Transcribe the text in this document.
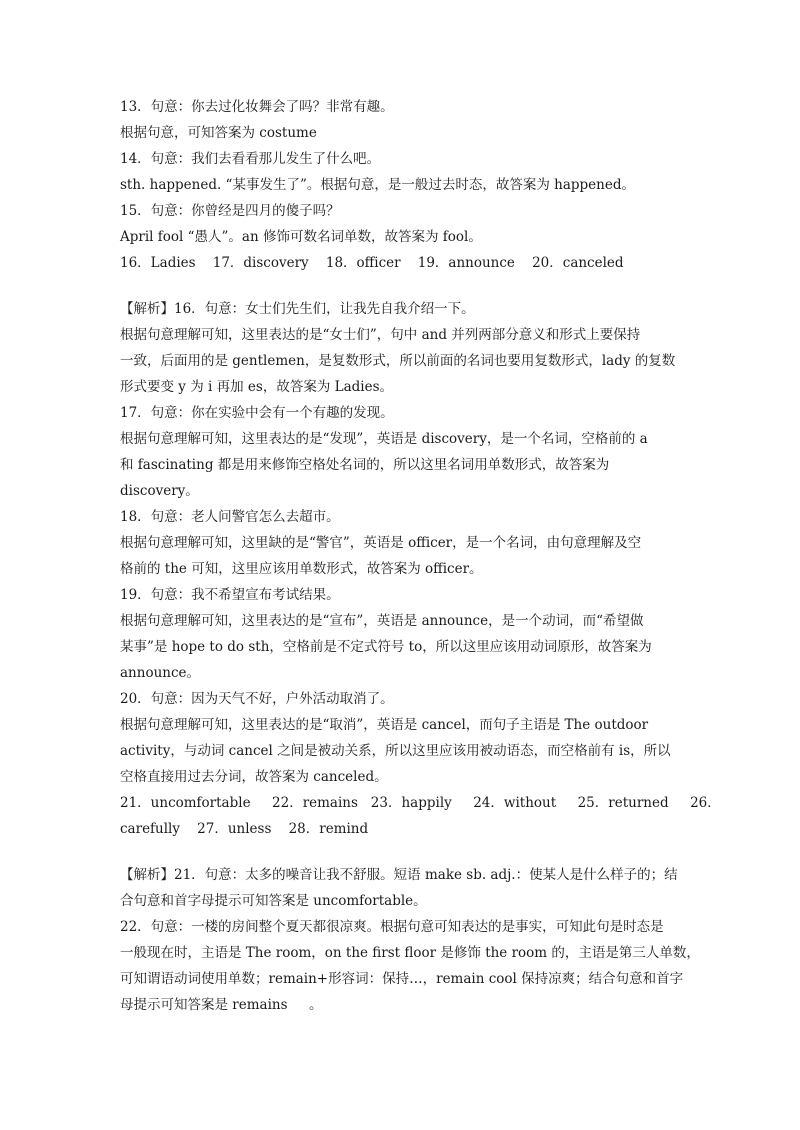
13．句意：你去过化妆舞会了吗？非常有趣。

根据句意，可知答案为 costume

14．句意：我们去看看那儿发生了什么吧。

sth. happened. “某事发生了”。根据句意，是一般过去时态，故答案为 happened。

15．句意：你曾经是四月的傻子吗？

April fool “愚人”。an 修饰可数名词单数，故答案为 fool。

16．Ladies    17．discovery    18．officer    19．announce    20．canceled

【解析】16．句意：女士们先生们，让我先自我介绍一下。

根据句意理解可知，这里表达的是“女士们”，句中 and 并列两部分意义和形式上要保持

一致，后面用的是 gentlemen，是复数形式，所以前面的名词也要用复数形式，lady 的复数

形式要变 y 为 i 再加 es，故答案为 Ladies。

17．句意：你在实验中会有一个有趣的发现。

根据句意理解可知，这里表达的是“发现”，英语是 discovery，是一个名词，空格前的 a

和 fascinating 都是用来修饰空格处名词的，所以这里名词用单数形式，故答案为

discovery。

18．句意：老人问警官怎么去超市。

根据句意理解可知，这里缺的是“警官”，英语是 officer，是一个名词，由句意理解及空

格前的 the 可知，这里应该用单数形式，故答案为 officer。

19．句意：我不希望宣布考试结果。

根据句意理解可知，这里表达的是“宣布”，英语是 announce，是一个动词，而“希望做

某事”是 hope to do sth，空格前是不定式符号 to，所以这里应该用动词原形，故答案为

announce。

20．句意：因为天气不好，户外活动取消了。

根据句意理解可知，这里表达的是“取消”，英语是 cancel，而句子主语是 The outdoor

activity，与动词 cancel 之间是被动关系，所以这里应该用被动语态，而空格前有 is，所以

空格直接用过去分词，故答案为 canceled。

21．uncomfortable     22．remains   23．happily     24．without     25．returned     26．

carefully    27．unless    28．remind

【解析】21．句意：太多的噪音让我不舒服。短语 make sb. adj.：使某人是什么样子的；结

合句意和首字母提示可知答案是 uncomfortable。

22．句意：一楼的房间整个夏天都很凉爽。根据句意可知表达的是事实，可知此句是时态是

一般现在时，主语是 The room，on the first floor 是修饰 the room 的，主语是第三人单数，

可知谓语动词使用单数；remain+形容词：保持…，remain cool 保持凉爽；结合句意和首字

母提示可知答案是 remains     。
